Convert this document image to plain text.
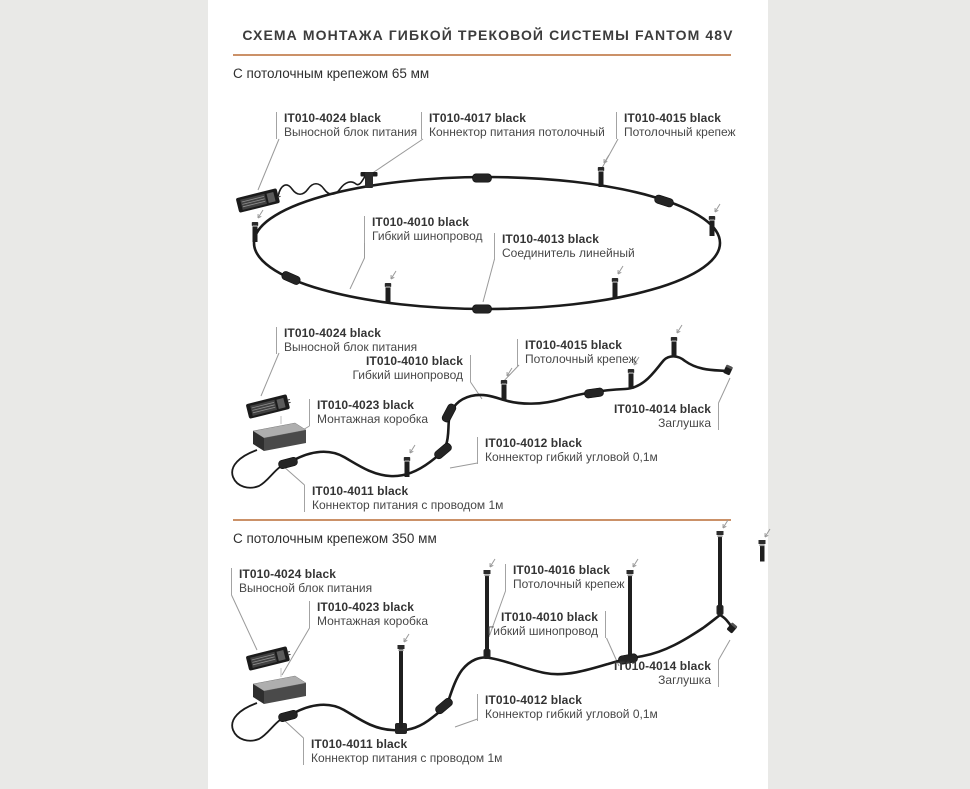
СХЕМА МОНТАЖА ГИБКОЙ ТРЕКОВОЙ СИСТЕМЫ FANTOM 48V
С потолочным крепежом 65 мм
С потолочным крепежом 350 мм
IT010-4024 black
Выносной блок питания
IT010-4017 black
Коннектор питания потолочный
IT010-4015 black
Потолочный крепеж
IT010-4010 black
Гибкий шинопровод IT010-4013 black
Соединитель линейный
IT010-4024 black
Выносной блок питания
IT010-4010 black
Гибкий шинопровод
IT010-4015 black
Потолочный крепеж
IT010-4023 black
Монтажная коробка
IT010-4014 black
Заглушка
IT010-4012 black
Коннектор гибкий угловой 0,1м
IT010-4011 black
Коннектор питания с проводом 1м
IT010-4024 black
Выносной блок питания
IT010-4023 black
Монтажная коробка
IT010-4016 black
Потолочный крепеж
IT010-4010 black
Гибкий шинопровод
IT010-4014 black
Заглушка
IT010-4012 black
Коннектор гибкий угловой 0,1м
IT010-4011 black
Коннектор питания с проводом 1м
